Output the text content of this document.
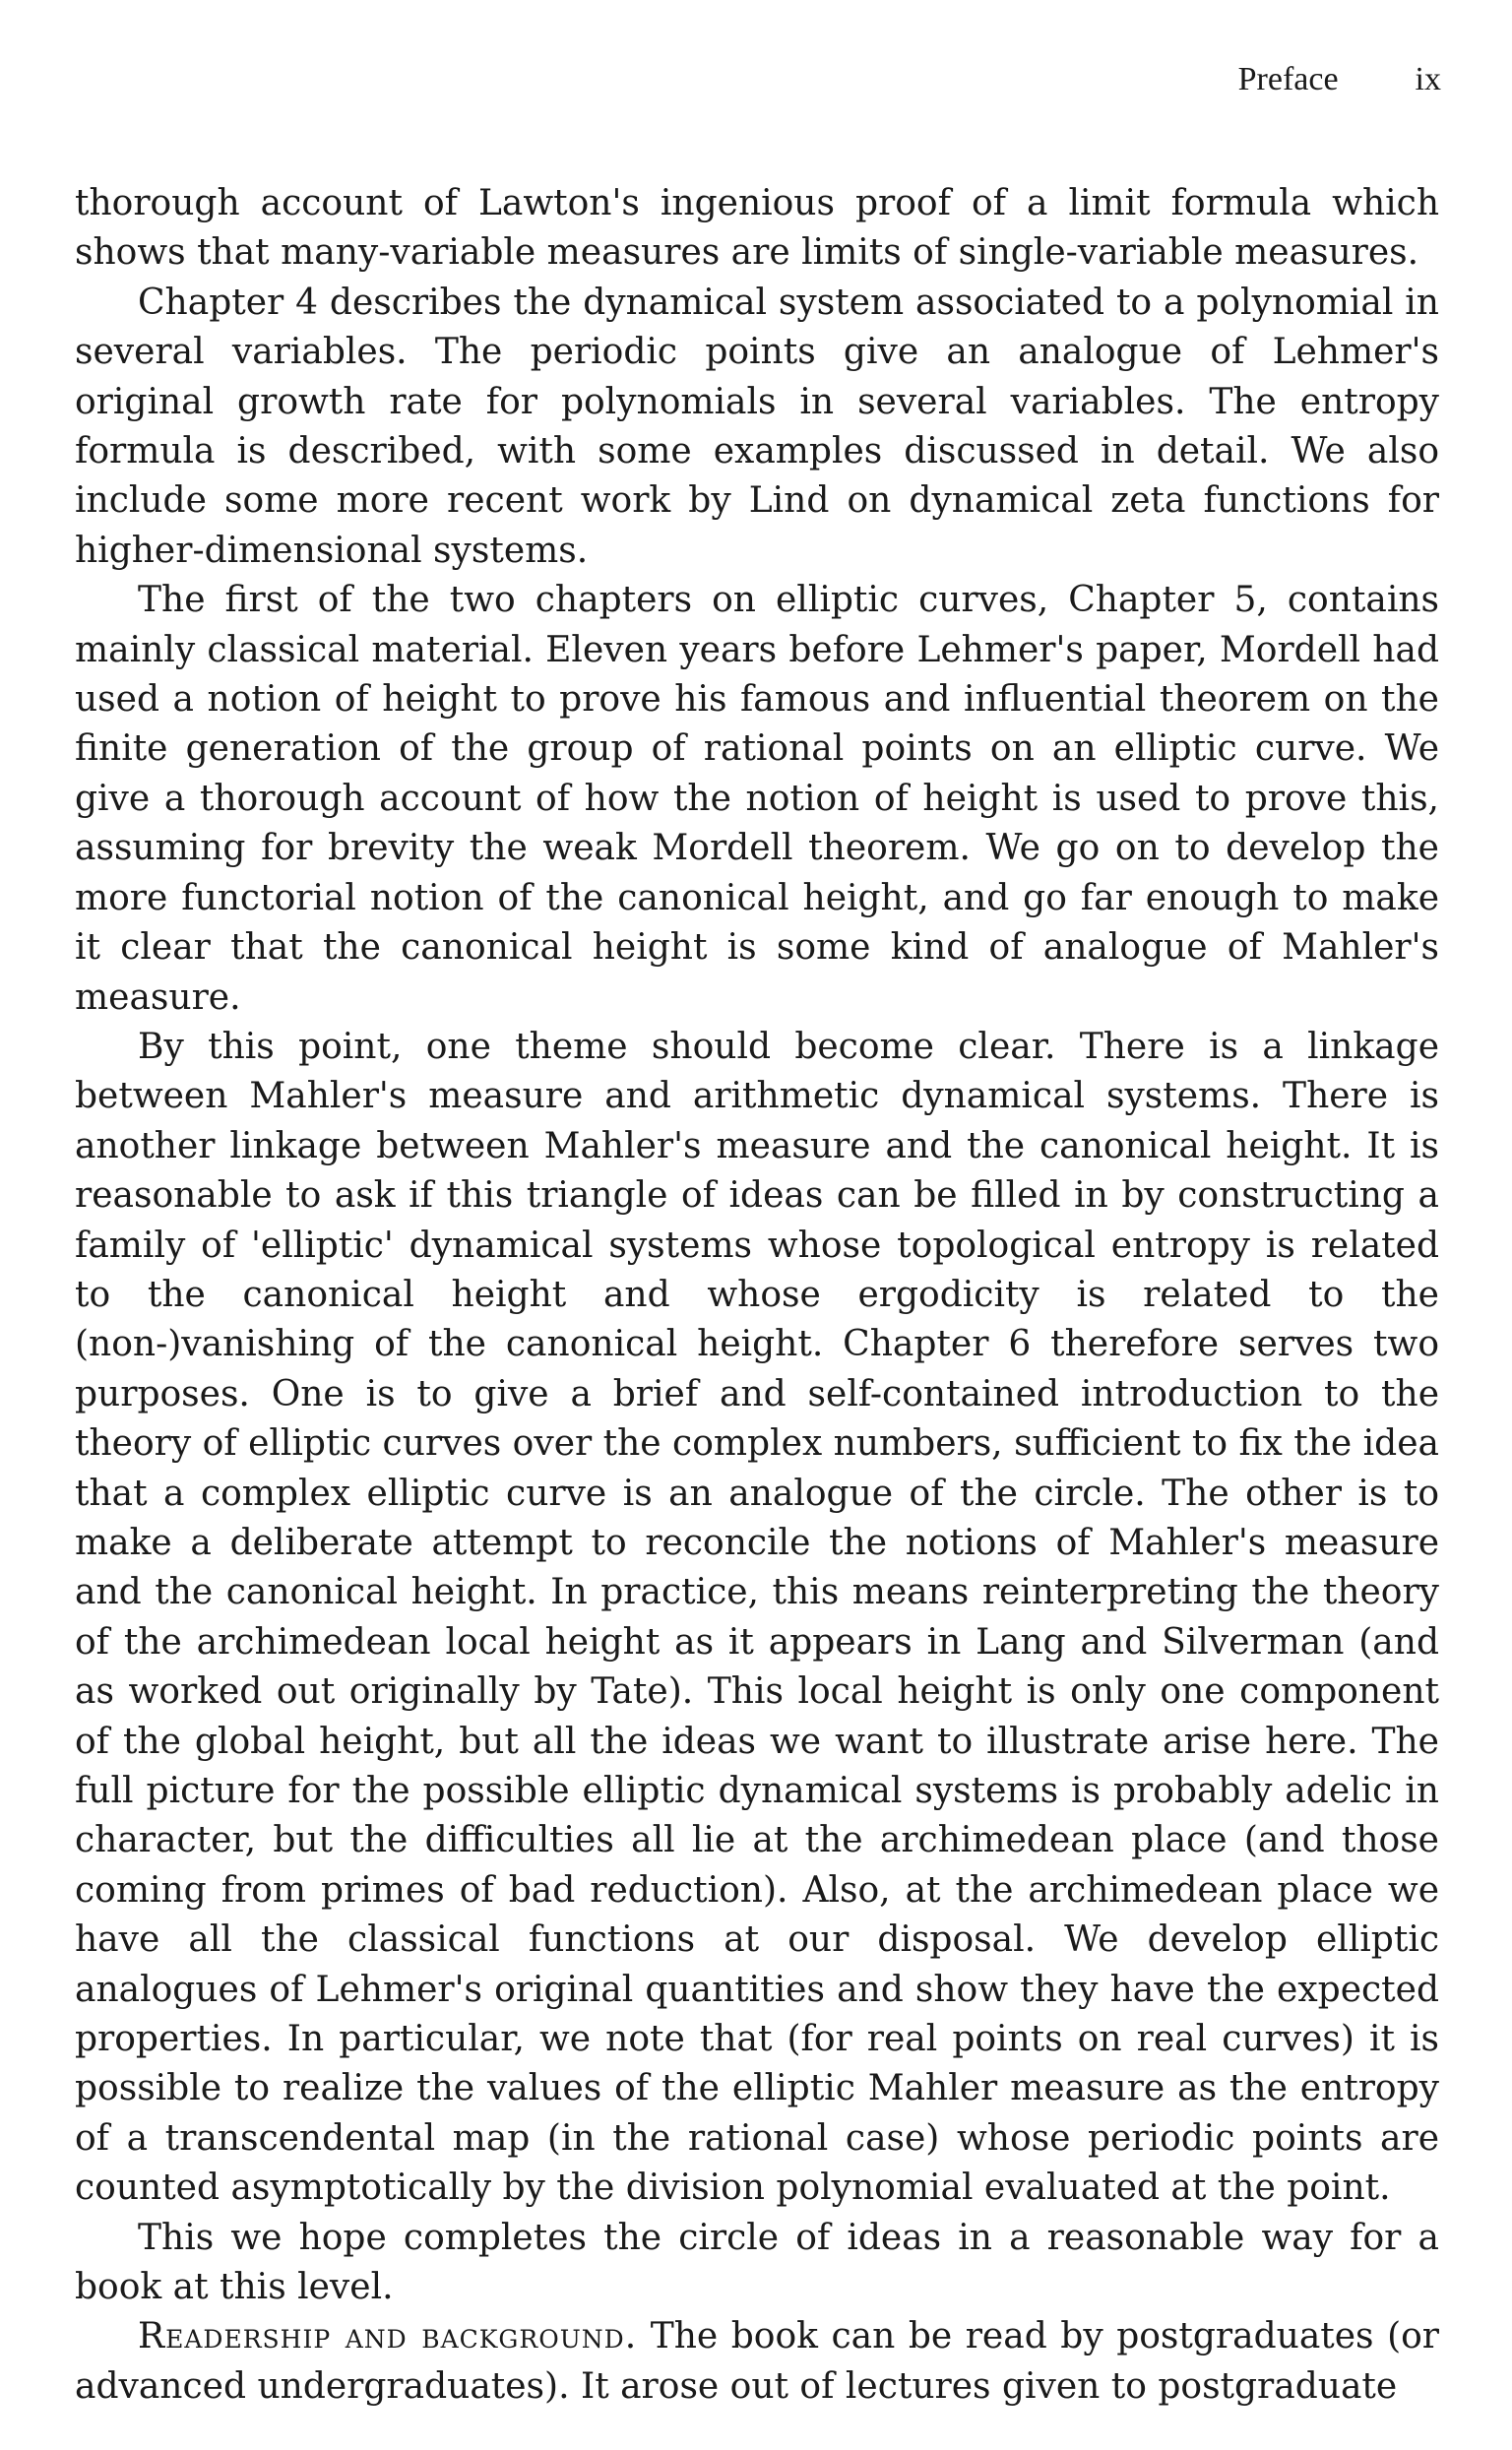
Preface ix

thorough account of Lawton's ingenious proof of a limit formula which shows that many-variable measures are limits of single-variable measures.

Chapter 4 describes the dynamical system associated to a polynomial in several variables. The periodic points give an analogue of Lehmer's original growth rate for polynomials in several variables. The entropy formula is described, with some examples discussed in detail. We also include some more recent work by Lind on dynamical zeta functions for higher-dimensional systems.

The first of the two chapters on elliptic curves, Chapter 5, contains mainly classical material. Eleven years before Lehmer's paper, Mordell had used a notion of height to prove his famous and influential theorem on the finite generation of the group of rational points on an elliptic curve. We give a thorough account of how the notion of height is used to prove this, assuming for brevity the weak Mordell theorem. We go on to develop the more functorial notion of the canonical height, and go far enough to make it clear that the canonical height is some kind of analogue of Mahler's measure.

By this point, one theme should become clear. There is a linkage between Mahler's measure and arithmetic dynamical systems. There is another linkage between Mahler's measure and the canonical height. It is reasonable to ask if this triangle of ideas can be filled in by constructing a family of 'elliptic' dynamical systems whose topological entropy is related to the canonical height and whose ergodicity is related to the (non-)vanishing of the canonical height. Chapter 6 therefore serves two purposes. One is to give a brief and self-contained introduction to the theory of elliptic curves over the complex numbers, sufficient to fix the idea that a complex elliptic curve is an analogue of the circle. The other is to make a deliberate attempt to reconcile the notions of Mahler's measure and the canonical height. In practice, this means reinterpreting the theory of the archimedean local height as it appears in Lang and Silverman (and as worked out originally by Tate). This local height is only one component of the global height, but all the ideas we want to illustrate arise here. The full picture for the possible elliptic dynamical systems is probably adelic in character, but the difficulties all lie at the archimedean place (and those coming from primes of bad reduction). Also, at the archimedean place we have all the classical functions at our disposal. We develop elliptic analogues of Lehmer's original quantities and show they have the expected properties. In particular, we note that (for real points on real curves) it is possible to realize the values of the elliptic Mahler measure as the entropy of a transcendental map (in the rational case) whose periodic points are counted asymptotically by the division polynomial evaluated at the point.

This we hope completes the circle of ideas in a reasonable way for a book at this level.

Readership and background. The book can be read by postgraduates (or advanced undergraduates). It arose out of lectures given to postgraduate
